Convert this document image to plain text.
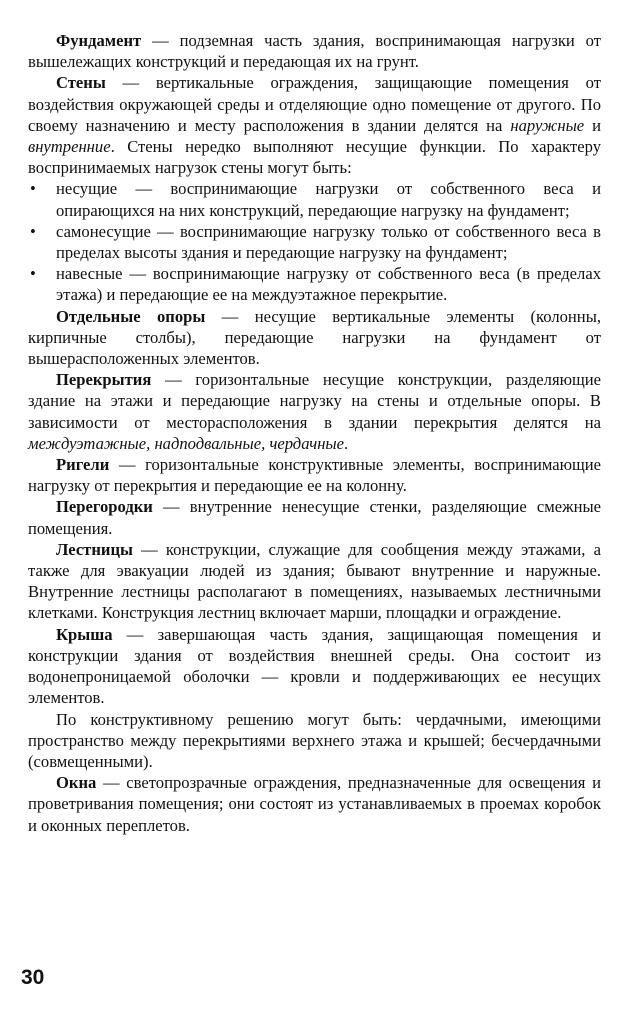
Фундамент — подземная часть здания, воспринимающая нагрузки от вышележащих конструкций и передающая их на грунт.

Стены — вертикальные ограждения, защищающие помещения от воздействия окружающей среды и отделяющие одно помещение от другого. По своему назначению и месту расположения в здании делятся на наружные и внутренние. Стены нередко выполняют несущие функции. По характеру воспринимаемых нагрузок стены могут быть:

• несущие — воспринимающие нагрузки от собственного веса и опирающихся на них конструкций, передающие нагрузку на фундамент;
• самонесущие — воспринимающие нагрузку только от собственного веса в пределах высоты здания и передающие нагрузку на фундамент;
• навесные — воспринимающие нагрузку от собственного веса (в пределах этажа) и передающие ее на междуэтажное перекрытие.

Отдельные опоры — несущие вертикальные элементы (колонны, кирпичные столбы), передающие нагрузки на фундамент от вышерасположенных элементов.

Перекрытия — горизонтальные несущие конструкции, разделяющие здание на этажи и передающие нагрузку на стены и отдельные опоры. В зависимости от месторасположения в здании перекрытия делятся на междуэтажные, надподвальные, чердачные.

Ригели — горизонтальные конструктивные элементы, воспринимающие нагрузку от перекрытия и передающие ее на колонну.

Перегородки — внутренние ненесущие стенки, разделяющие смежные помещения.

Лестницы — конструкции, служащие для сообщения между этажами, а также для эвакуации людей из здания; бывают внутренние и наружные. Внутренние лестницы располагают в помещениях, называемых лестничными клетками. Конструкция лестниц включает марши, площадки и ограждение.

Крыша — завершающая часть здания, защищающая помещения и конструкции здания от воздействия внешней среды. Она состоит из водонепроницаемой оболочки — кровли и поддерживающих ее несущих элементов.

По конструктивному решению могут быть: чердачными, имеющими пространство между перекрытиями верхнего этажа и крышей; бесчердачными (совмещенными).

Окна — светопрозрачные ограждения, предназначенные для освещения и проветривания помещения; они состоят из устанавливаемых в проемах коробок и оконных переплетов.

30
